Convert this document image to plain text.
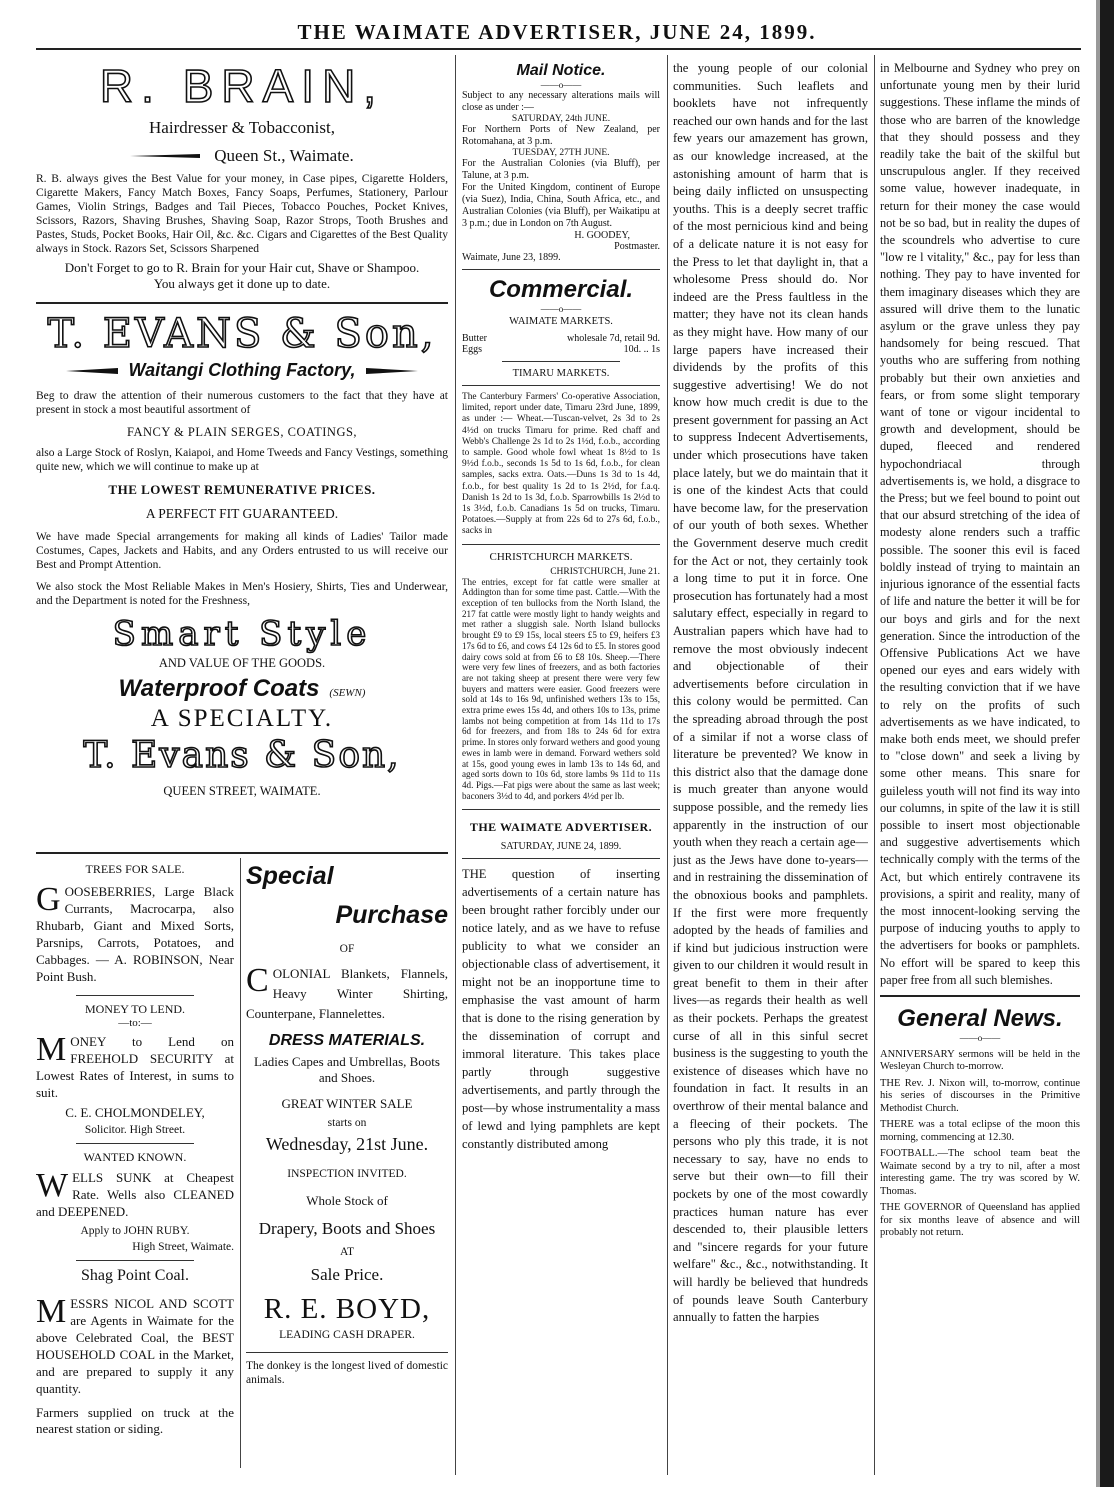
THE WAIMATE ADVERTISER, JUNE 24, 1899.
R. BRAIN,
Hairdresser & Tobacconist,
Queen St., Waimate.

R. B. always gives the Best Value for your money, in Case pipes, Cigarette Holders, Cigarette Makers, Fancy Match Boxes, Fancy Soaps, Perfumes, Stationery, Parlour Games, Violin Strings, Badges and Tail Pieces, Tobacco Pouches, Pocket Knives, Scissors, Razors, Shaving Brushes, Shaving Soap, Razor Strops, Tooth Brushes and Pastes, Studs, Pocket Books, Hair Oil, &c. &c. Cigars and Cigarettes of the Best Quality always in Stock. Razors Set, Scissors Sharpened

Don't Forget to go to R. Brain for your Hair cut, Shave or Shampoo.

You always get it done up to date.

T. EVANS & Son,
Waitangi Clothing Factory,

Beg to draw the attention of their numerous customers to the fact that they have at present in stock a most beautiful assortment of

FANCY & PLAIN SERGES, COATINGS,

also a Large Stock of Roslyn, Kaiapoi, and Home Tweeds and Fancy Vestings, something quite new, which we will continue to make up at

THE LOWEST REMUNERATIVE PRICES.

A PERFECT FIT GUARANTEED.

We have made Special arrangements for making all kinds of Ladies' Tailor made Costumes, Capes, Jackets and Habits, and any Orders entrusted to us will receive our Best and Prompt Attention.

We also stock the Most Reliable Makes in Men's Hosiery, Shirts, Ties and Underwear, and the Department is noted for the Freshness,

Smart Style

AND VALUE OF THE GOODS.

Waterproof Coats (SEWN)
A SPECIALTY.
T. Evans & Son,

QUEEN STREET, WAIMATE.

TREES FOR SALE.

GOOSEBERRIES, Large Black Currants, Macrocarpa, also Rhubarb, Giant and Mixed Sorts, Parsnips, Carrots, Potatoes, and Cabbages. — A. ROBINSON, Near Point Bush.

MONEY TO LEND.

—to:—

MONEY to Lend on FREEHOLD SECURITY at Lowest Rates of Interest, in sums to suit.

C. E. CHOLMONDELEY,

Solicitor. High Street.

WANTED KNOWN.

WELLS SUNK at Cheapest Rate. Wells also CLEANED and DEEPENED.

Apply to JOHN RUBY.

High Street, Waimate.

Shag Point Coal.

MESSRS NICOL AND SCOTT are Agents in Waimate for the above Celebrated Coal, the BEST HOUSEHOLD COAL in the Market, and are prepared to supply it any quantity.

Farmers supplied on truck at the nearest station or siding.

Special
Purchase

OF

COLONIAL Blankets, Flannels, Heavy Winter Shirting, Counterpane, Flannelettes.

DRESS MATERIALS.

Ladies Capes and Umbrellas, Boots and Shoes.

GREAT WINTER SALE

starts on

Wednesday, 21st June.

INSPECTION INVITED.

Whole Stock of

Drapery, Boots and Shoes

AT

Sale Price.

R. E. BOYD,

LEADING CASH DRAPER.

The donkey is the longest lived of domestic animals.

Mail Notice.

——o——

Subject to any necessary alterations mails will close as under :—

SATURDAY, 24th JUNE.

For Northern Ports of New Zealand, per Rotomahana, at 3 p.m.

TUESDAY, 27TH JUNE.

For the Australian Colonies (via Bluff), per Talune, at 3 p.m.

For the United Kingdom, continent of Europe (via Suez), India, China, South Africa, etc., and Australian Colonies (via Bluff), per Waikatipu at 3 p.m.; due in London on 7th August.

H. GOODEY,

Postmaster.

Waimate, June 23, 1899.

Commercial.

——o——

WAIMATE MARKETS.

Butter	wholesale 7d, retail 9d.
Eggs	10d. .. 1s

TIMARU MARKETS.

The Canterbury Farmers' Co-operative Association, limited, report under date, Timaru 23rd June, 1899, as under :— Wheat.—Tuscan-velvet, 2s 3d to 2s 4½d on trucks Timaru for prime. Red chaff and Webb's Challenge 2s 1d to 2s 1½d, f.o.b., according to sample. Good whole fowl wheat 1s 8½d to 1s 9½d f.o.b., seconds 1s 5d to 1s 6d, f.o.b., for clean samples, sacks extra. Oats.—Duns 1s 3d to 1s 4d, f.o.b., for best quality 1s 2d to 1s 2½d, for f.a.q. Danish 1s 2d to 1s 3d, f.o.b. Sparrowbills 1s 2½d to 1s 3½d, f.o.b. Canadians 1s 5d on trucks, Timaru. Potatoes.—Supply at from 22s 6d to 27s 6d, f.o.b., sacks in

CHRISTCHURCH MARKETS.

CHRISTCHURCH, June 21.

The entries, except for fat cattle were smaller at Addington than for some time past. Cattle.—With the exception of ten bullocks from the North Island, the 217 fat cattle were mostly light to handy weights and met rather a sluggish sale. North Island bullocks brought £9 to £9 15s, local steers £5 to £9, heifers £3 17s 6d to £6, and cows £4 12s 6d to £5. In stores good dairy cows sold at from £6 to £8 10s. Sheep.—There were very few lines of freezers, and as both factories are not taking sheep at present there were very few buyers and matters were easier. Good freezers were sold at 14s to 16s 9d, unfinished wethers 13s to 15s, extra prime ewes 15s 4d, and others 10s to 13s, prime lambs not being competition at from 14s 11d to 17s 6d for freezers, and from 18s to 24s 6d for extra prime. In stores only forward wethers and good young ewes in lamb were in demand. Forward wethers sold at 15s, good young ewes in lamb 13s to 14s 6d, and aged sorts down to 10s 6d, store lambs 9s 11d to 11s 4d. Pigs.—Fat pigs were about the same as last week; baconers 3½d to 4d, and porkers 4½d per lb.

THE WAIMATE ADVERTISER.

SATURDAY, JUNE 24, 1899.

THE question of inserting advertisements of a certain nature has been brought rather forcibly under our notice lately, and as we have to refuse publicity to what we consider an objectionable class of advertisement, it might not be an inopportune time to emphasise the vast amount of harm that is done to the rising generation by the dissemination of corrupt and immoral literature. This takes place partly through suggestive advertisements, and partly through the post—by whose instrumentality a mass of lewd and lying pamphlets are kept constantly distributed among

the young people of our colonial communities. Such leaflets and booklets have not infrequently reached our own hands and for the last few years our amazement has grown, as our knowledge increased, at the astonishing amount of harm that is being daily inflicted on unsuspecting youths. This is a deeply secret traffic of the most pernicious kind and being of a delicate nature it is not easy for the Press to let that daylight in, that a wholesome Press should do. Nor indeed are the Press faultless in the matter; they have not its clean hands as they might have. How many of our large papers have increased their dividends by the profits of this suggestive advertising! We do not know how much credit is due to the present government for passing an Act to suppress Indecent Advertisements, under which prosecutions have taken place lately, but we do maintain that it is one of the kindest Acts that could have become law, for the preservation of our youth of both sexes. Whether the Government deserve much credit for the Act or not, they certainly took a long time to put it in force. One prosecution has fortunately had a most salutary effect, especially in regard to Australian papers which have had to remove the most obviously indecent and objectionable of their advertisements before circulation in this colony would be permitted. Can the spreading abroad through the post of a similar if not a worse class of literature be prevented? We know in this district also that the damage done is much greater than anyone would suppose possible, and the remedy lies apparently in the instruction of our youth when they reach a certain age—just as the Jews have done to-years—and in restraining the dissemination of the obnoxious books and pamphlets. If the first were more frequently adopted by the heads of families and if kind but judicious instruction were given to our children it would result in great benefit to them in their after lives—as regards their health as well as their pockets. Perhaps the greatest curse of all in this sinful secret business is the suggesting to youth the existence of diseases which have no foundation in fact. It results in an overthrow of their mental balance and a fleecing of their pockets. The persons who ply this trade, it is not necessary to say, have no ends to serve but their own—to fill their pockets by one of the most cowardly practices human nature has ever descended to, their plausible letters and "sincere regards for your future welfare" &c., &c., notwithstanding. It will hardly be believed that hundreds of pounds leave South Canterbury annually to fatten the harpies

in Melbourne and Sydney who prey on unfortunate young men by their lurid suggestions. These inflame the minds of those who are barren of the knowledge that they should possess and they readily take the bait of the skilful but unscrupulous angler. If they received some value, however inadequate, in return for their money the case would not be so bad, but in reality the dupes of the scoundrels who advertise to cure "low re l vitality," &c., pay for less than nothing. They pay to have invented for them imaginary diseases which they are assured will drive them to the lunatic asylum or the grave unless they pay handsomely for being rescued. That youths who are suffering from nothing probably but their own anxieties and fears, or from some slight temporary want of tone or vigour incidental to growth and development, should be duped, fleeced and rendered hypochondriacal through advertisements is, we hold, a disgrace to the Press; but we feel bound to point out that our absurd stretching of the idea of modesty alone renders such a traffic possible. The sooner this evil is faced boldly instead of trying to maintain an injurious ignorance of the essential facts of life and nature the better it will be for our boys and girls and for the next generation. Since the introduction of the Offensive Publications Act we have opened our eyes and ears widely with the resulting conviction that if we have to rely on the profits of such advertisements as we have indicated, to make both ends meet, we should prefer to "close down" and seek a living by some other means. This snare for guileless youth will not find its way into our columns, in spite of the law it is still possible to insert most objectionable and suggestive advertisements which technically comply with the terms of the Act, but which entirely contravene its provisions, a spirit and reality, many of the most innocent-looking serving the purpose of inducing youths to apply to the advertisers for books or pamphlets. No effort will be spared to keep this paper free from all such blemishes.

General News.

——o——

ANNIVERSARY sermons will be held in the Wesleyan Church to-morrow.

THE Rev. J. Nixon will, to-morrow, continue his series of discourses in the Primitive Methodist Church.

THERE was a total eclipse of the moon this morning, commencing at 12.30.

FOOTBALL.—The school team beat the Waimate second by a try to nil, after a most interesting game. The try was scored by W. Thomas.

THE GOVERNOR of Queensland has applied for six months leave of absence and will probably not return.
